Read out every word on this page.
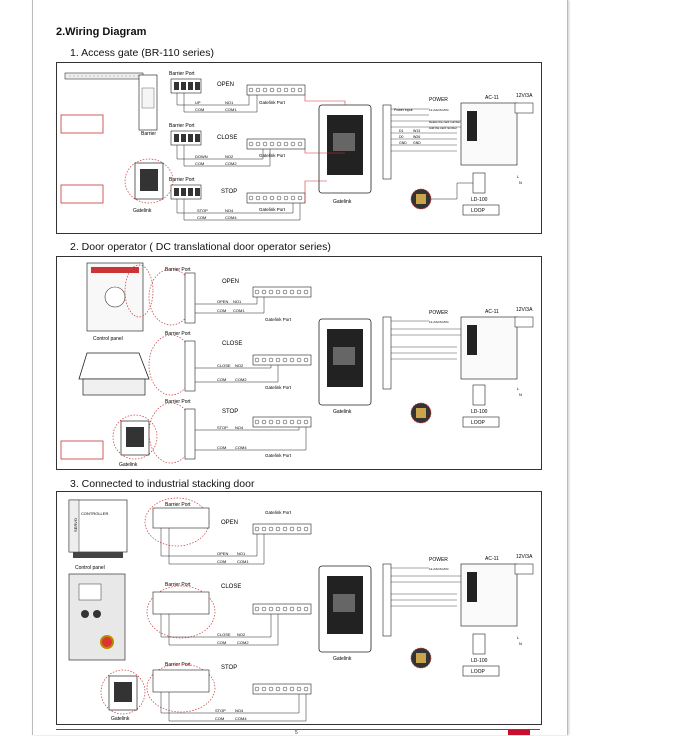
2.Wiring Diagram
1. Access gate (BR-110 series)
2. Door operator ( DC translational door operator series)
3. Connected to industrial stacking door
Barrier
Gatelink
Barrier Port
OPEN
UP	NO1
COM	COM1
Gatelink Port
Barrier Port
CLOSE
DOWN	NO2
COM	COM2
Gatelink Port
Barrier Port
STOP
STOP	NO4
COM	COM4
Gatelink Port
Gatelink
Power input
POWER
12-24V/AC/DC
Delete the card number
Add the card number
D1
D0
GND
W13
W26
GND
AC-11	12V/3A
LD-100
L
N
LOOP
Control panel
Gatelink
Barrier Port
OPEN
OPEN NO1
COM COM1
Gatelink Port
Barrier Port
CLOSE
CLOSE NO2
COM COM2
Gatelink Port
Barrier Port
STOP
STOP NO4
COM COM4
Gatelink Port
Gatelink
POWER
12-24V/AC/DC
AC-11	12V/3A
LD-100
L
N
LOOP
CONTROLLER
SERVO
Control panel
Gatelink
Barrier Port
OPEN
Gatelink Port
OPEN NO1
COM	COM1
Barrier Port	CLOSE
CLOSE NO2
COM	COM2
Barrier Port	STOP
STOP NO4
COM	COM4
Gatelink
POWER
12-24V/AC/DC
AC-11	12V/3A
LD-100
L
N
LOOP
5
